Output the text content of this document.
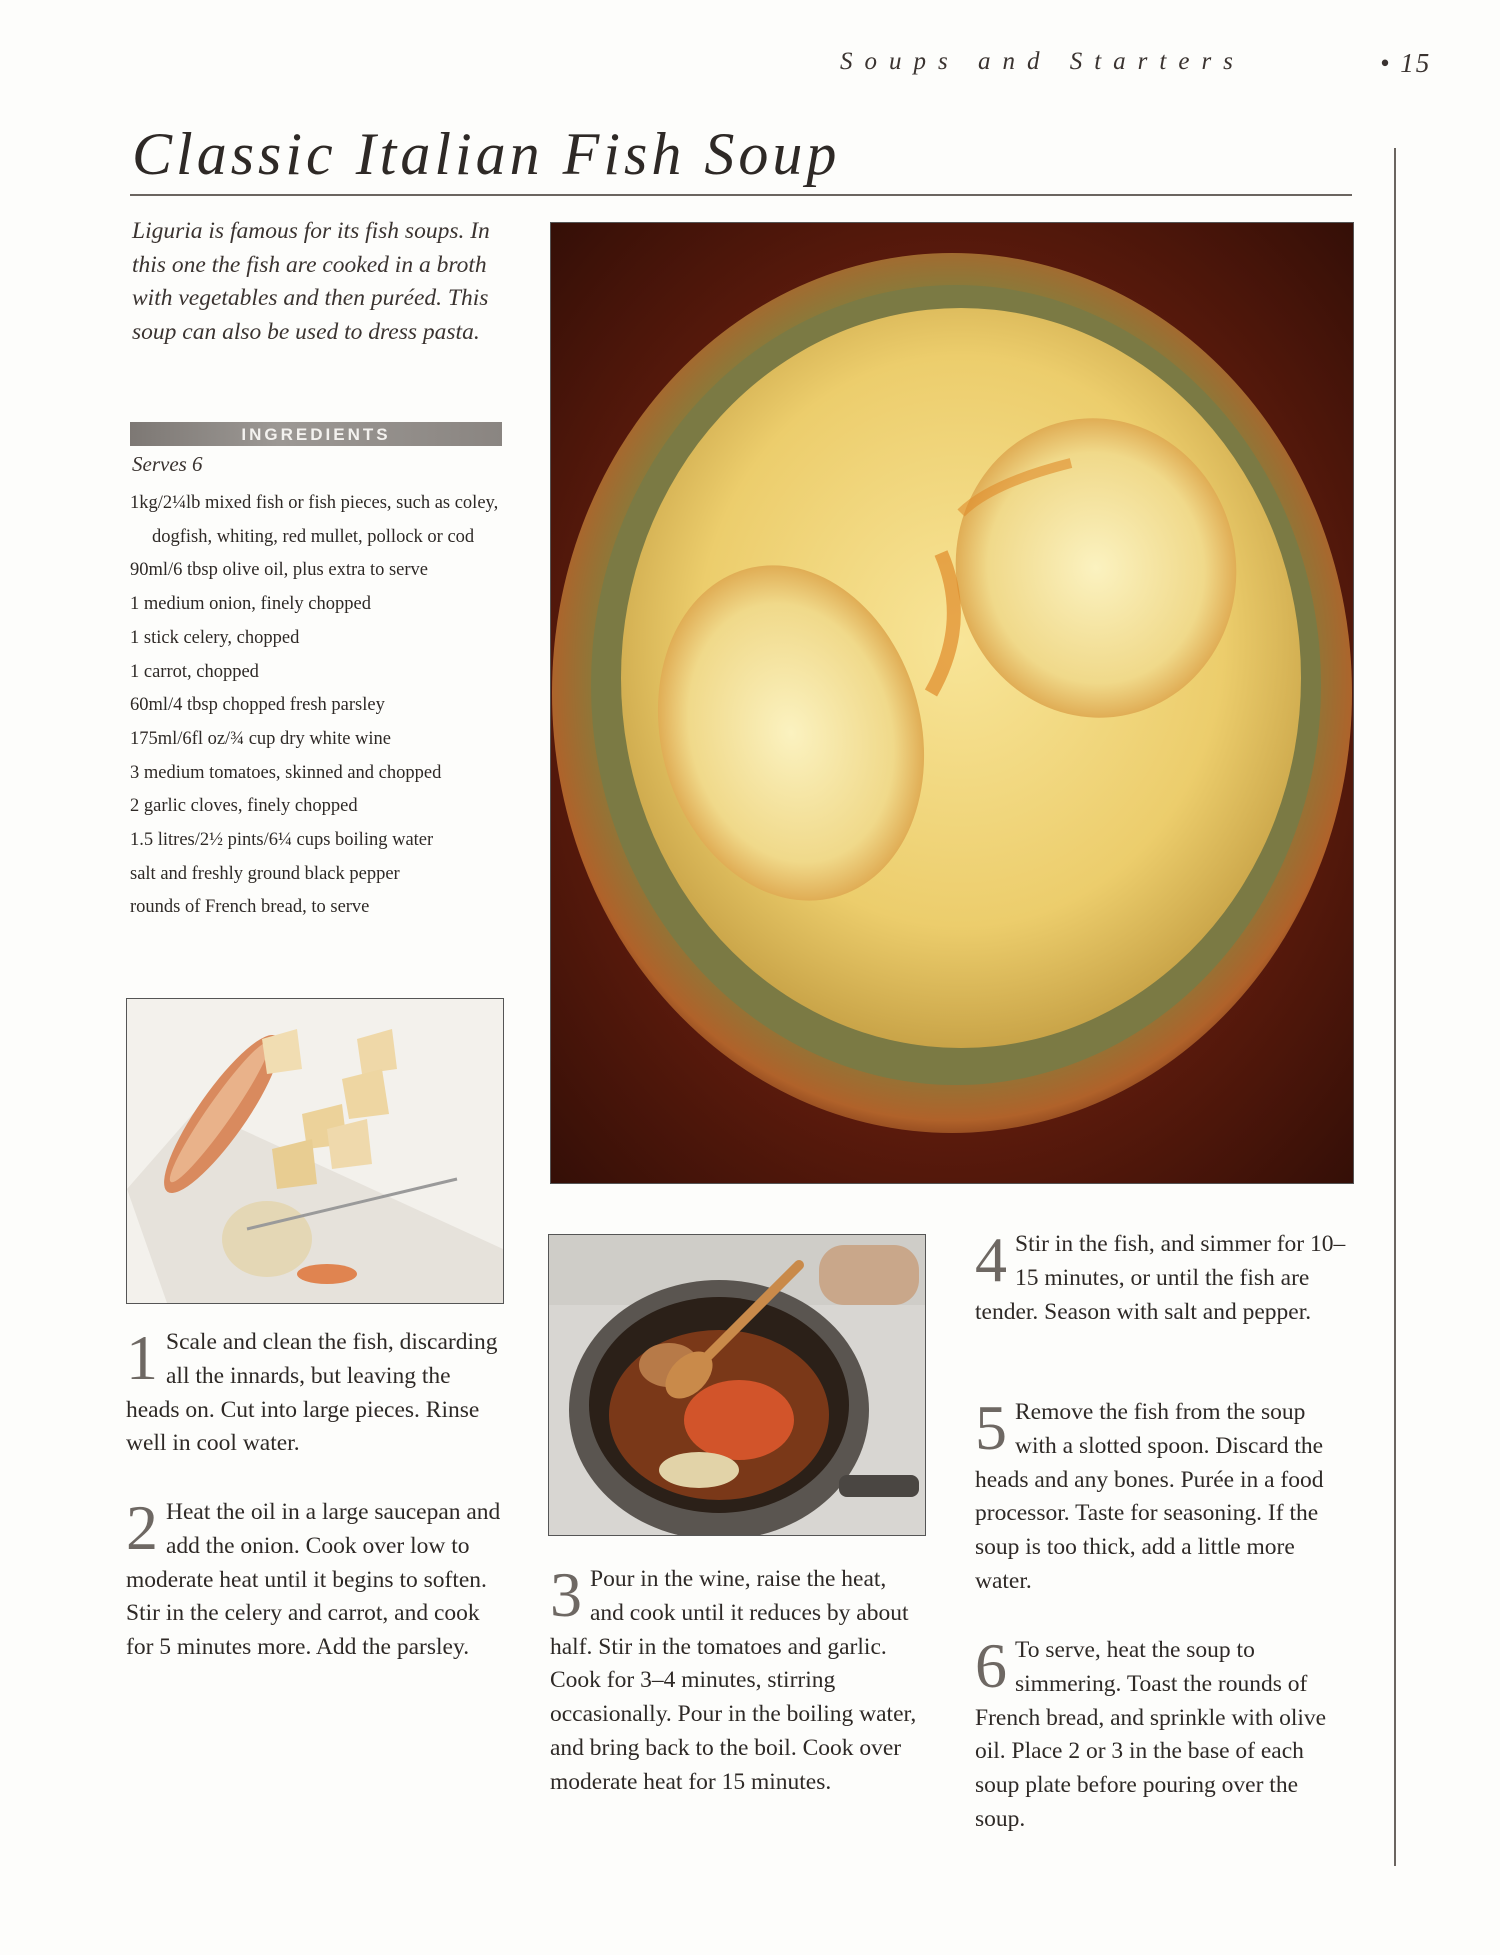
Soups and Starters	• 15
Classic Italian Fish Soup
Liguria is famous for its fish soups. In this one the fish are cooked in a broth with vegetables and then puréed. This soup can also be used to dress pasta.
INGREDIENTS
Serves 6
1kg/2¼lb mixed fish or fish pieces, such as coley, dogfish, whiting, red mullet, pollock or cod
90ml/6 tbsp olive oil, plus extra to serve
1 medium onion, finely chopped
1 stick celery, chopped
1 carrot, chopped
60ml/4 tbsp chopped fresh parsley
175ml/6fl oz/¾ cup dry white wine
3 medium tomatoes, skinned and chopped
2 garlic cloves, finely chopped
1.5 litres/2½ pints/6¼ cups boiling water
salt and freshly ground black pepper
rounds of French bread, to serve
1 Scale and clean the fish, discarding all the innards, but leaving the heads on. Cut into large pieces. Rinse well in cool water.
2 Heat the oil in a large saucepan and add the onion. Cook over low to moderate heat until it begins to soften. Stir in the celery and carrot, and cook for 5 minutes more. Add the parsley.
3 Pour in the wine, raise the heat, and cook until it reduces by about half. Stir in the tomatoes and garlic. Cook for 3–4 minutes, stirring occasionally. Pour in the boiling water, and bring back to the boil. Cook over moderate heat for 15 minutes.
4 Stir in the fish, and simmer for 10–15 minutes, or until the fish are tender. Season with salt and pepper.
5 Remove the fish from the soup with a slotted spoon. Discard the heads and any bones. Purée in a food processor. Taste for seasoning. If the soup is too thick, add a little more water.
6 To serve, heat the soup to simmering. Toast the rounds of French bread, and sprinkle with olive oil. Place 2 or 3 in the base of each soup plate before pouring over the soup.
